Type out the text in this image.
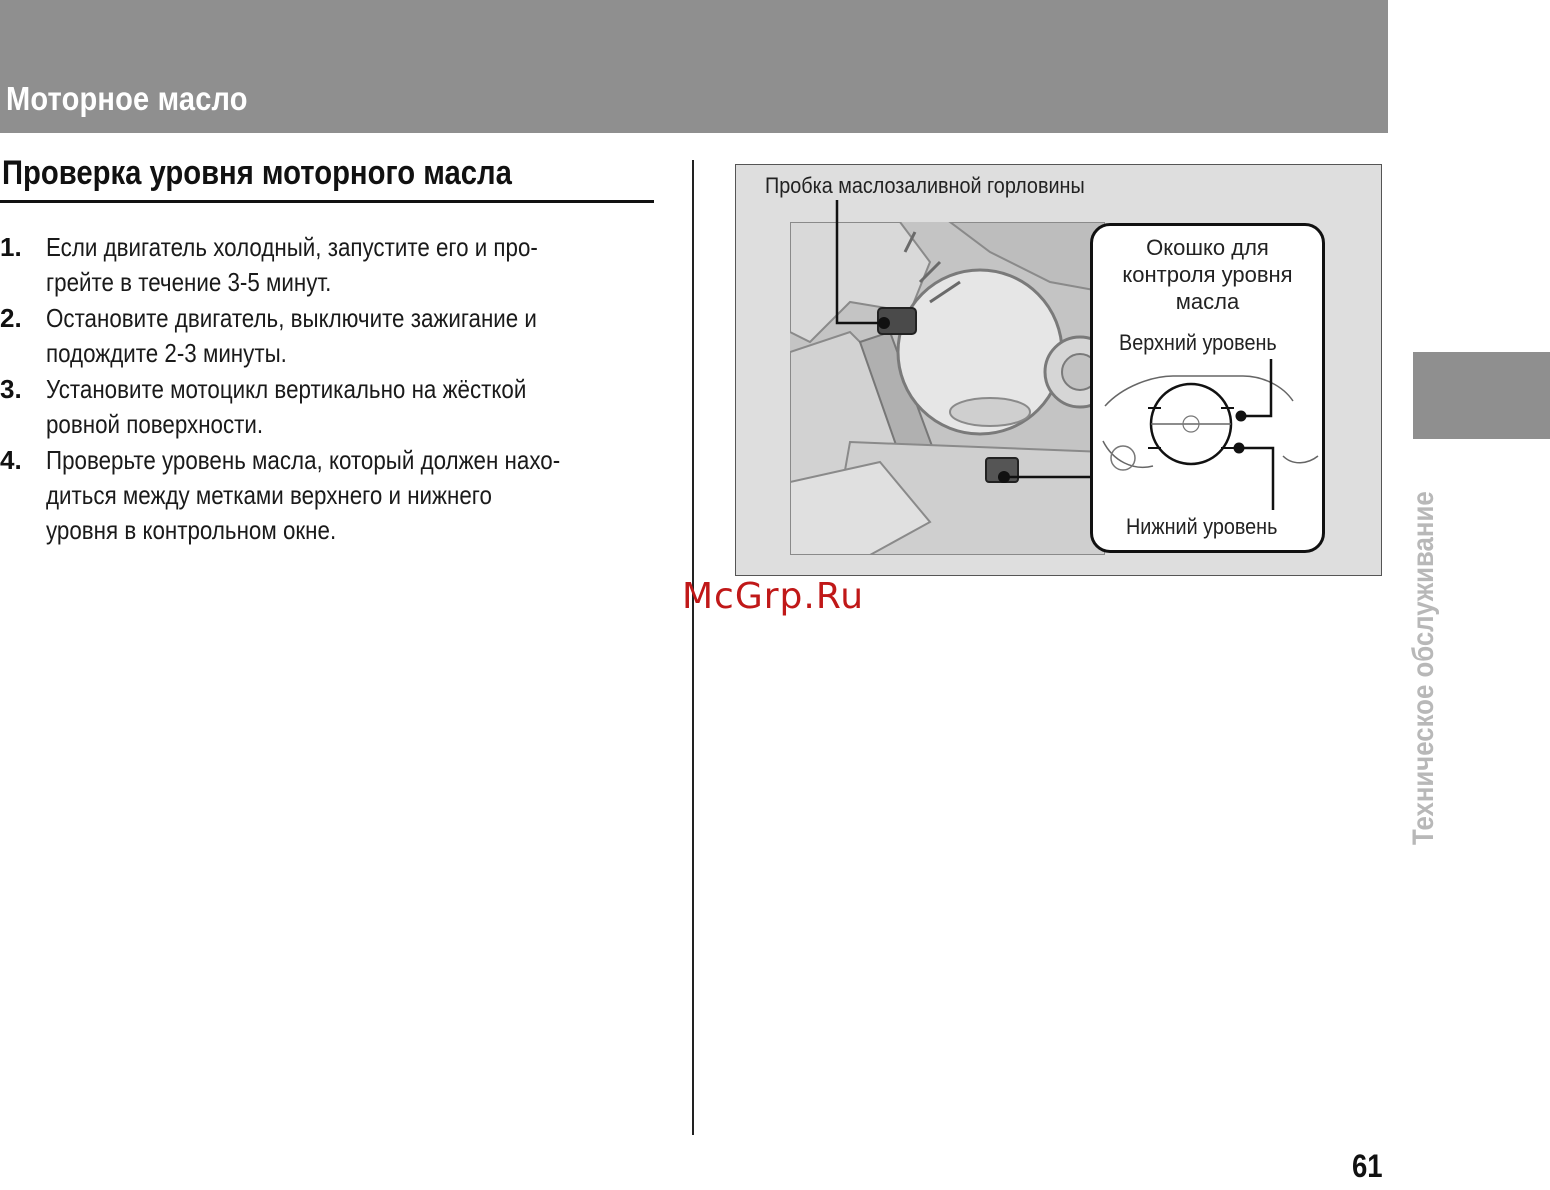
Моторное масло
Проверка уровня моторного масла
1. Если двигатель холодный, запустите его и про-
грейте в течение 3-5 минут.
2. Остановите двигатель, выключите зажигание и
подождите 2-3 минуты.
3. Установите мотоцикл вертикально на жёсткой
ровной поверхности.
4. Проверьте уровень масла, который должен нахо-
диться между метками верхнего и нижнего
уровня в контрольном окне.
Пробка маслозаливной горловины
Окошко для
контроля уровня
масла
Верхний уровень
Нижний уровень
McGrp.Ru	Техническое обслуживание
61
